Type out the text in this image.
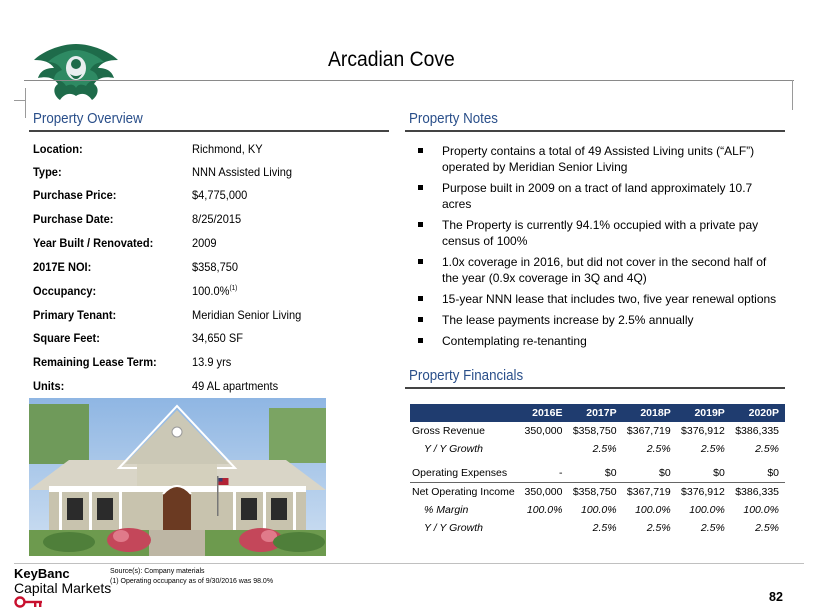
Arcadian Cove
Property Overview
Location:	Richmond, KY
Type:	NNN Assisted Living
Purchase Price:	$4,775,000
Purchase Date:	8/25/2015
Year Built / Renovated:	2009
2017E NOI:	$358,750
Occupancy:	100.0%$^{(1)}$
Primary Tenant:	Meridian Senior Living
Square Feet:	34,650 SF
Remaining Lease Term:	13.9 yrs
Units:	49 AL apartments
Property Notes
Property contains a total of 49 Assisted Living units (“ALF”) operated by Meridian Senior Living
Purpose built in 2009 on a tract of land approximately 10.7 acres
The Property is currently 94.1% occupied with a private pay census of 100%
1.0x coverage in 2016, but did not cover in the second half of the year (0.9x coverage in 3Q and 4Q)
15-year NNN lease that includes two, five year renewal options
The lease payments increase by 2.5% annually
Contemplating re-tenanting
Property Financials
	2016E	2017P	2018P	2019P	2020P
Gross Revenue	350,000	$358,750	$367,719	$376,912	$386,335
Y / Y Growth		2.5%	2.5%	2.5%	2.5%

Operating Expenses	-	$0	$0	$0	$0
Net Operating Income	350,000	$358,750	$367,719	$376,912	$386,335
% Margin	100.0%	100.0%	100.0%	100.0%	100.0%
Y / Y Growth		2.5%	2.5%	2.5%	2.5%
KeyBanc
Capital Markets
Source(s): Company materials
(1) Operating occupancy as of 9/30/2016 was 98.0%
82
